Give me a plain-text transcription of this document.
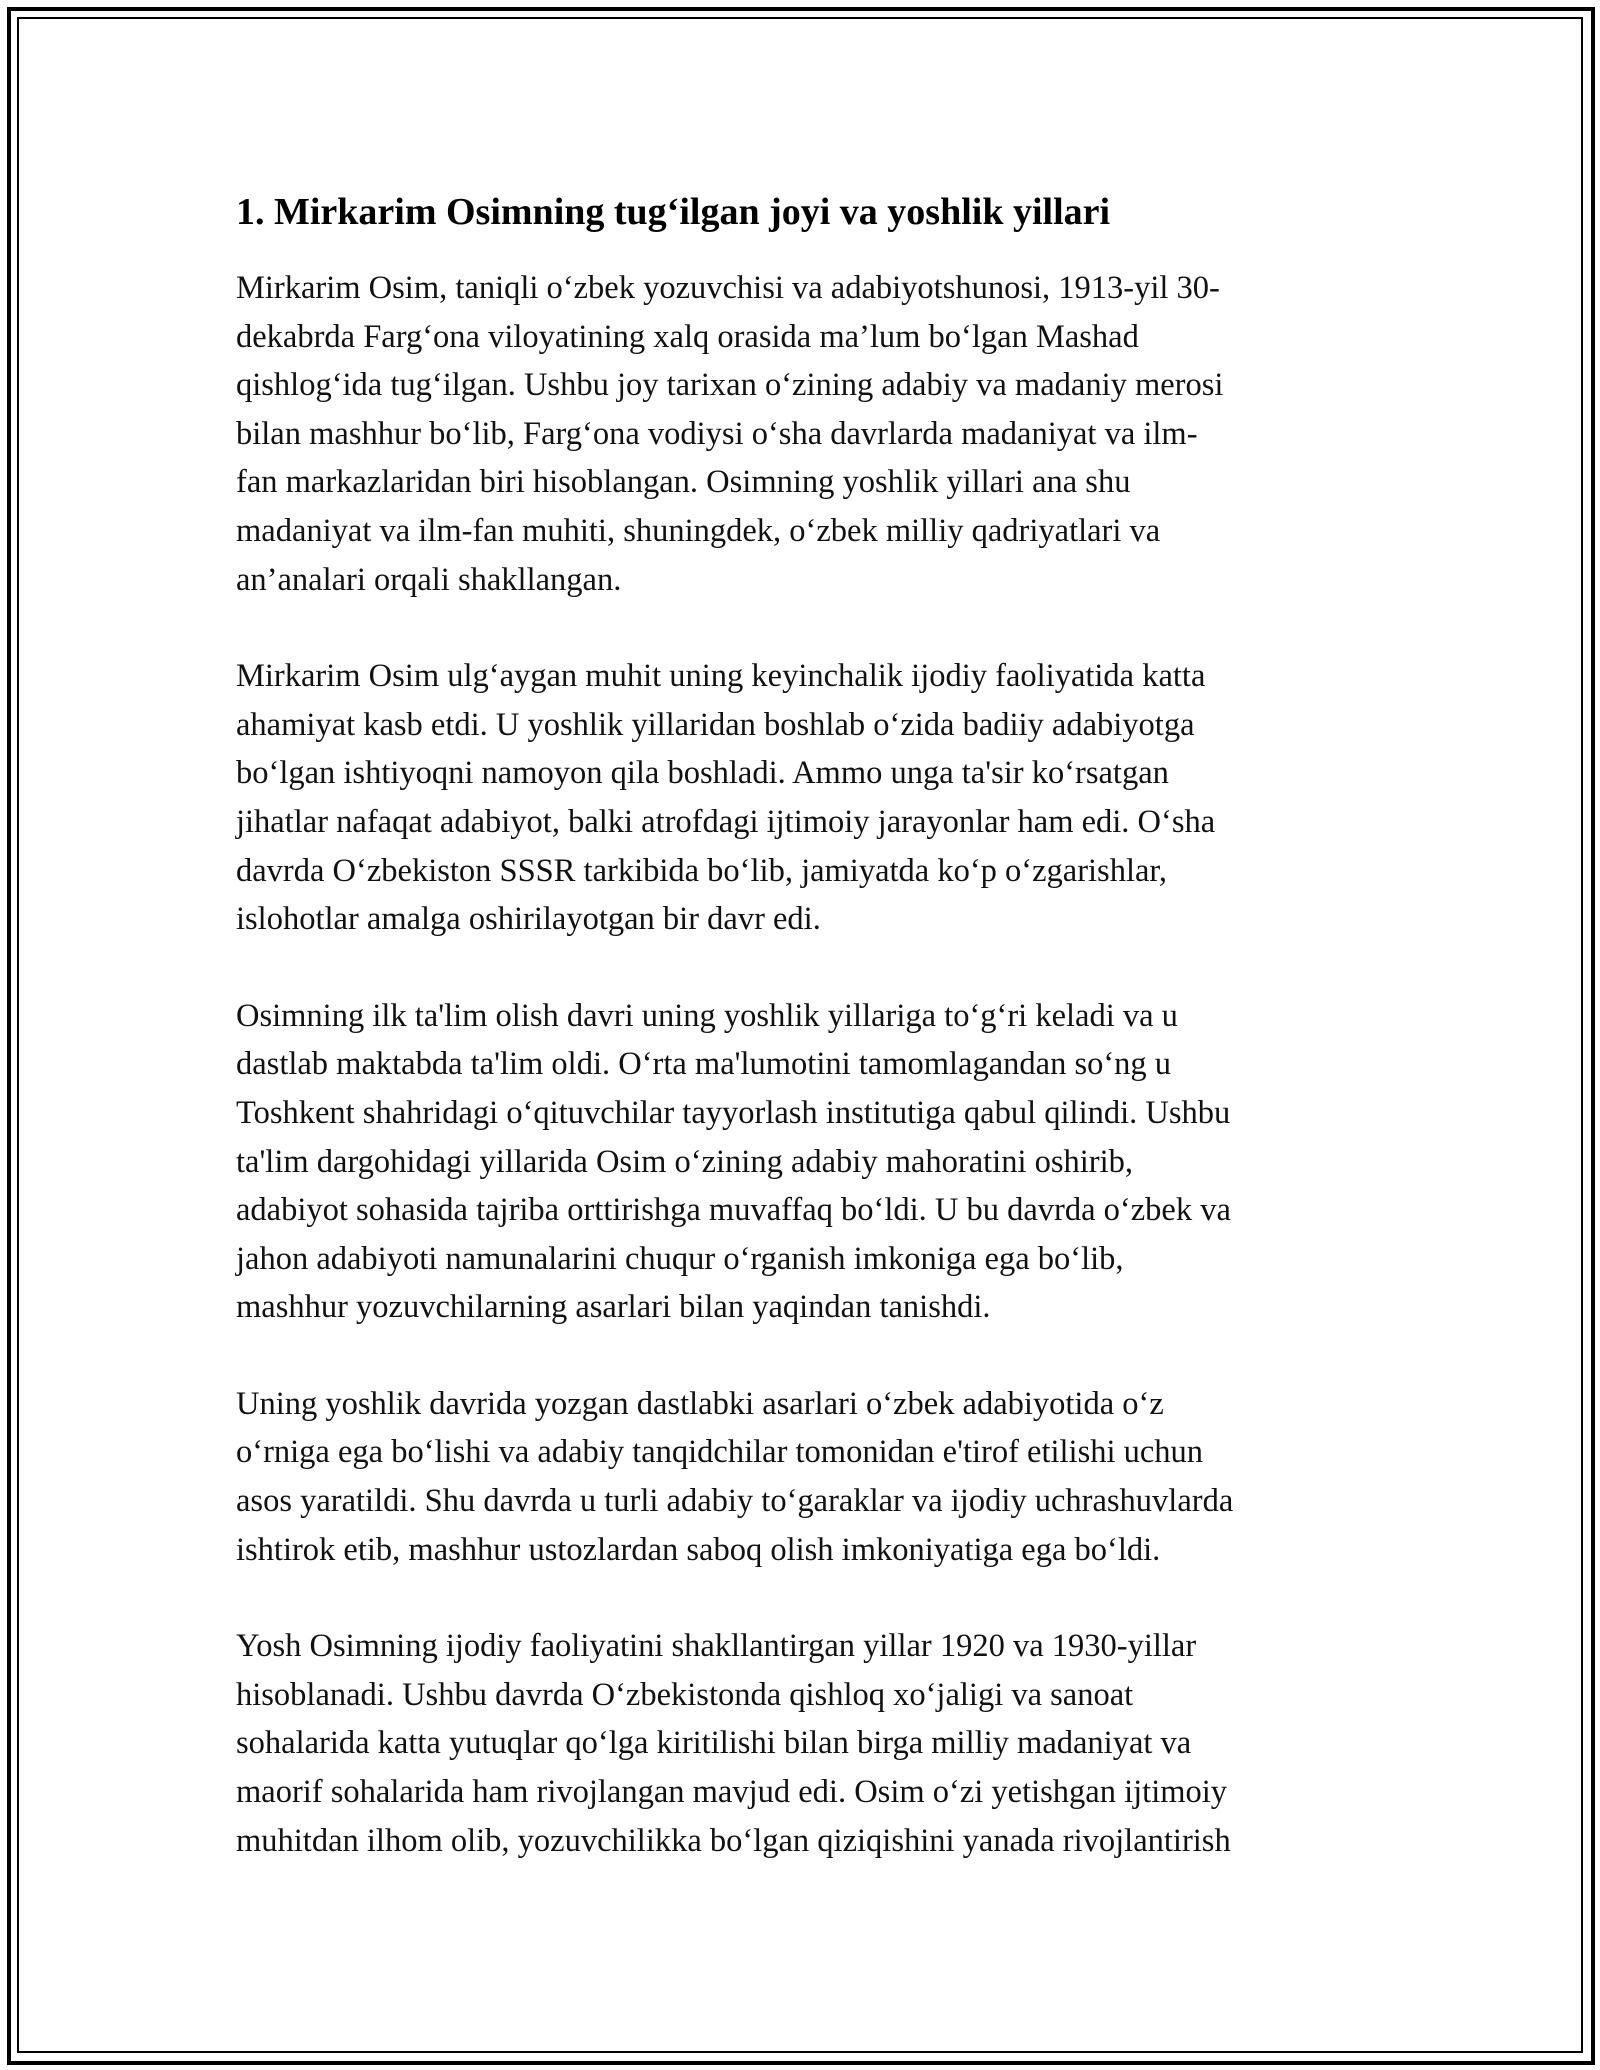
1. Mirkarim Osimning tug‘ilgan joyi va yoshlik yillari

Mirkarim Osim, taniqli o‘zbek yozuvchisi va adabiyotshunosi, 1913-yil 30-
dekabrda Farg‘ona viloyatining xalq orasida ma’lum bo‘lgan Mashad
qishlog‘ida tug‘ilgan. Ushbu joy tarixan o‘zining adabiy va madaniy merosi
bilan mashhur bo‘lib, Farg‘ona vodiysi o‘sha davrlarda madaniyat va ilm-
fan markazlaridan biri hisoblangan. Osimning yoshlik yillari ana shu
madaniyat va ilm-fan muhiti, shuningdek, o‘zbek milliy qadriyatlari va
an’analari orqali shakllangan.

Mirkarim Osim ulg‘aygan muhit uning keyinchalik ijodiy faoliyatida katta
ahamiyat kasb etdi. U yoshlik yillaridan boshlab o‘zida badiiy adabiyotga
bo‘lgan ishtiyoqni namoyon qila boshladi. Ammo unga ta'sir ko‘rsatgan
jihatlar nafaqat adabiyot, balki atrofdagi ijtimoiy jarayonlar ham edi. O‘sha
davrda O‘zbekiston SSSR tarkibida bo‘lib, jamiyatda ko‘p o‘zgarishlar,
islohotlar amalga oshirilayotgan bir davr edi.

Osimning ilk ta'lim olish davri uning yoshlik yillariga to‘g‘ri keladi va u
dastlab maktabda ta'lim oldi. O‘rta ma'lumotini tamomlagandan so‘ng u
Toshkent shahridagi o‘qituvchilar tayyorlash institutiga qabul qilindi. Ushbu
ta'lim dargohidagi yillarida Osim o‘zining adabiy mahoratini oshirib,
adabiyot sohasida tajriba orttirishga muvaffaq bo‘ldi. U bu davrda o‘zbek va
jahon adabiyoti namunalarini chuqur o‘rganish imkoniga ega bo‘lib,
mashhur yozuvchilarning asarlari bilan yaqindan tanishdi.

Uning yoshlik davrida yozgan dastlabki asarlari o‘zbek adabiyotida o‘z
o‘rniga ega bo‘lishi va adabiy tanqidchilar tomonidan e'tirof etilishi uchun
asos yaratildi. Shu davrda u turli adabiy to‘garaklar va ijodiy uchrashuvlarda
ishtirok etib, mashhur ustozlardan saboq olish imkoniyatiga ega bo‘ldi.

Yosh Osimning ijodiy faoliyatini shakllantirgan yillar 1920 va 1930-yillar
hisoblanadi. Ushbu davrda O‘zbekistonda qishloq xo‘jaligi va sanoat
sohalarida katta yutuqlar qo‘lga kiritilishi bilan birga milliy madaniyat va
maorif sohalarida ham rivojlangan mavjud edi. Osim o‘zi yetishgan ijtimoiy
muhitdan ilhom olib, yozuvchilikka bo‘lgan qiziqishini yanada rivojlantirish
